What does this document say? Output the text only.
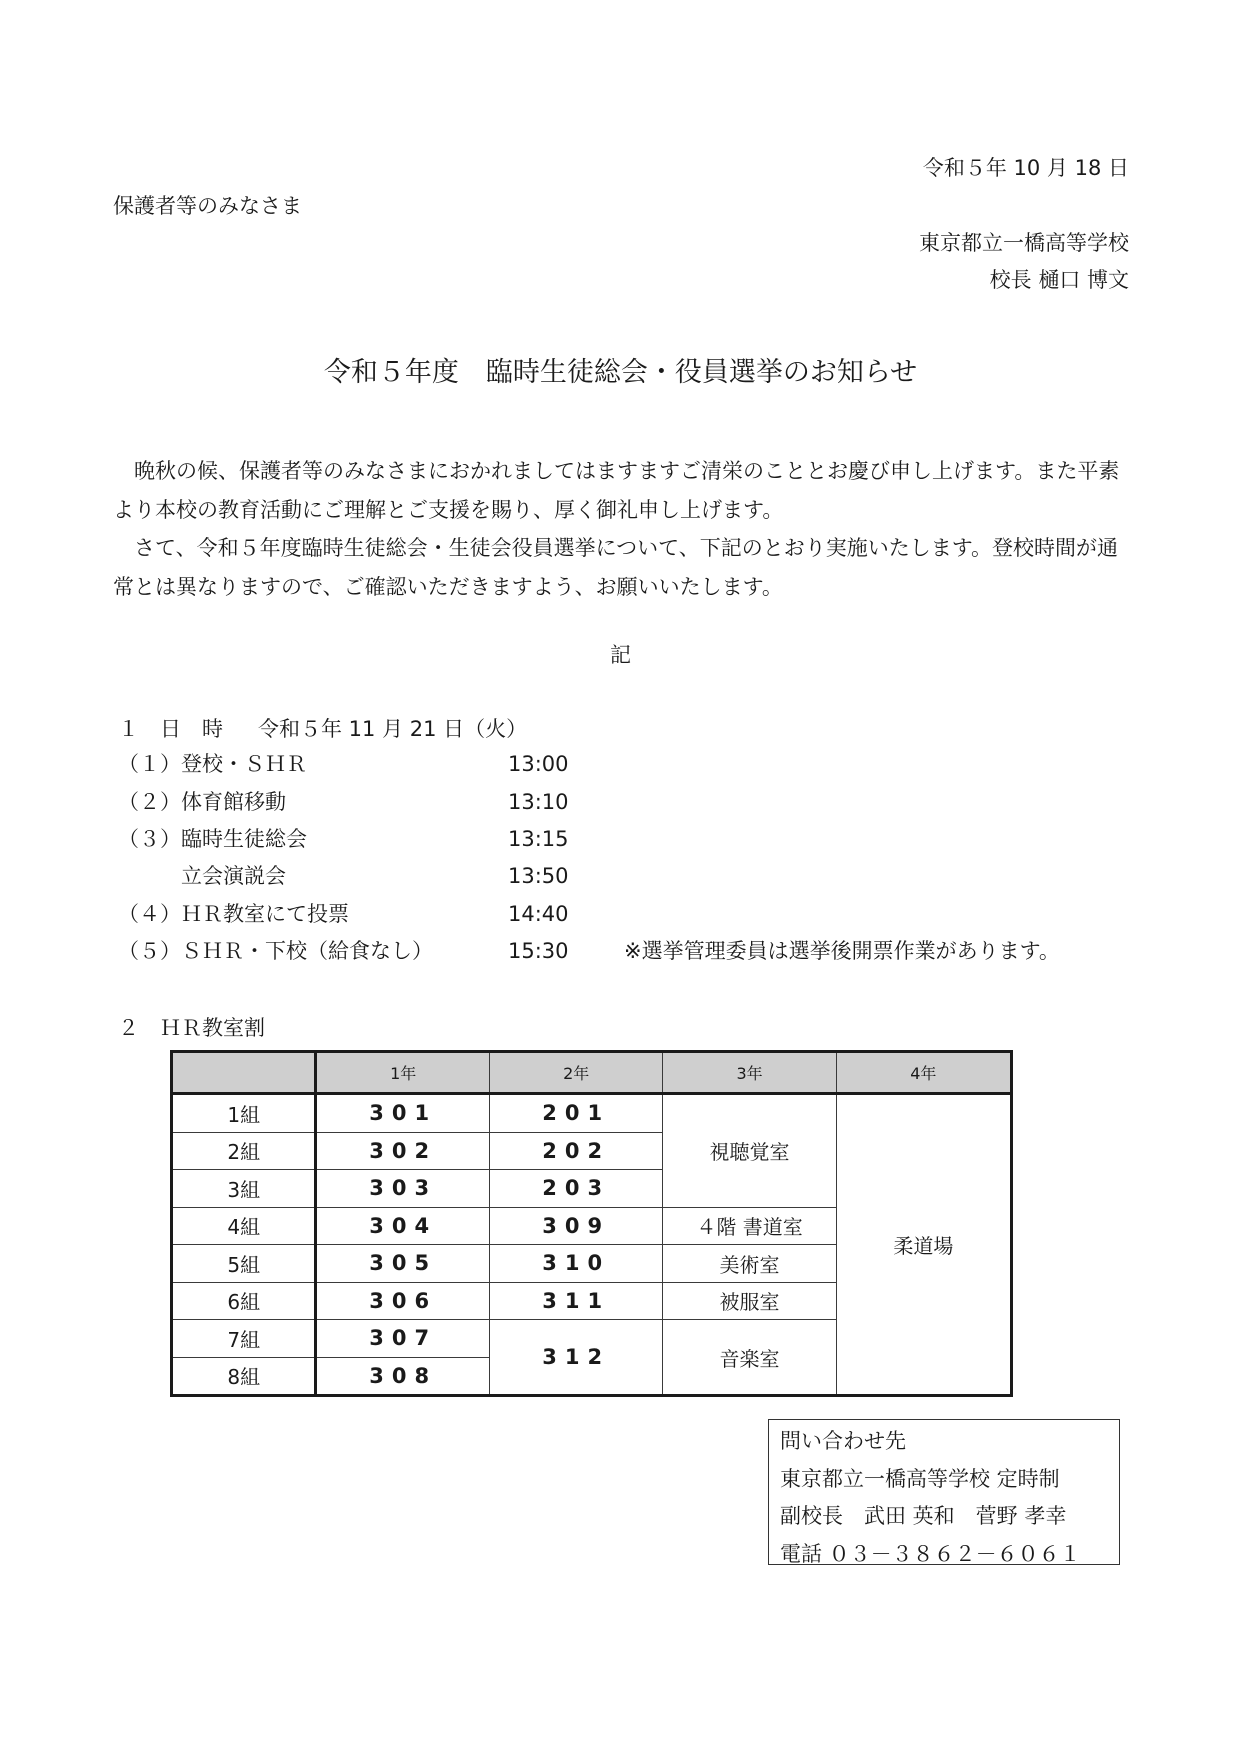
令和５年 10 月 18 日
保護者等のみなさま
東京都立一橋高等学校
校長 樋口 博文
令和５年度　臨時生徒総会・役員選挙のお知らせ

　晩秋の候、保護者等のみなさまにおかれましてはますますご清栄のこととお慶び申し上げます。また平素より本校の教育活動にご理解とご支援を賜り、厚く御礼申し上げます。

　さて、令和５年度臨時生徒総会・生徒会役員選挙について、下記のとおり実施いたします。登校時間が通常とは異なりますので、ご確認いただきますよう、お願いいたします。

記
１ 日　時 令和５年 11 月 21 日（火）
（１）登校・ＳＨＲ	13:00
（２）体育館移動	13:10
（３）臨時生徒総会	13:15
　　　立会演説会	13:50
（４）ＨＲ教室にて投票	14:40
（５）ＳＨＲ・下校（給食なし）	15:30	※選挙管理委員は選挙後開票作業があります。
２ ＨＲ教室割
	1年	2年	3年	4年
1組	301	201	視聴覚室	柔道場
2組	302	202		
3組	303	203		
4組	304	309	４階 書道室	
5組	305	310	美術室	
6組	306	311	被服室	
7組	307	312	音楽室	
8組	308			
問い合わせ先
東京都立一橋高等学校 定時制
副校長　武田 英和　菅野 孝幸
電話 ０３－３８６２－６０６１
